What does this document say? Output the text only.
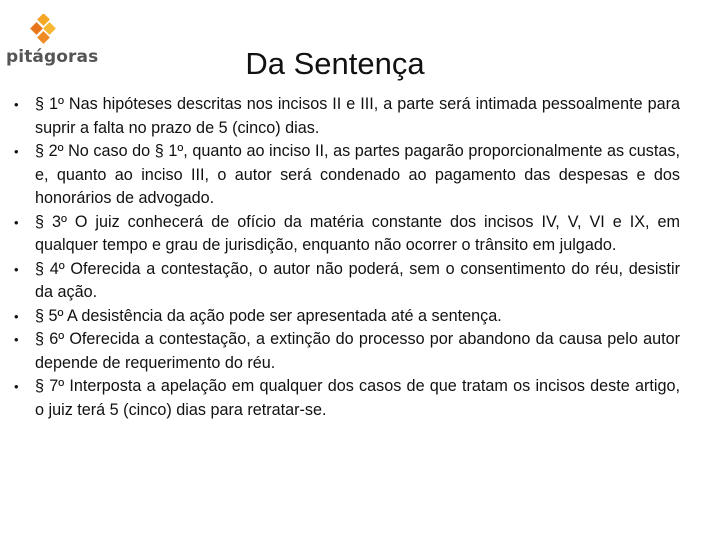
pitágoras	Da Sentença
• § 1º Nas hipóteses descritas nos incisos II e III, a parte será intimada pessoalmente para suprir a falta no prazo de 5 (cinco) dias.
• § 2º No caso do § 1º, quanto ao inciso II, as partes pagarão proporcionalmente as custas, e, quanto ao inciso III, o autor será condenado ao pagamento das despesas e dos honorários de advogado.
• § 3º O juiz conhecerá de ofício da matéria constante dos incisos IV, V, VI e IX, em qualquer tempo e grau de jurisdição, enquanto não ocorrer o trânsito em julgado.
• § 4º Oferecida a contestação, o autor não poderá, sem o consentimento do réu, desistir da ação.
• § 5º A desistência da ação pode ser apresentada até a sentença.
• § 6º Oferecida a contestação, a extinção do processo por abandono da causa pelo autor depende de requerimento do réu.
• § 7º Interposta a apelação em qualquer dos casos de que tratam os incisos deste artigo, o juiz terá 5 (cinco) dias para retratar-se.
